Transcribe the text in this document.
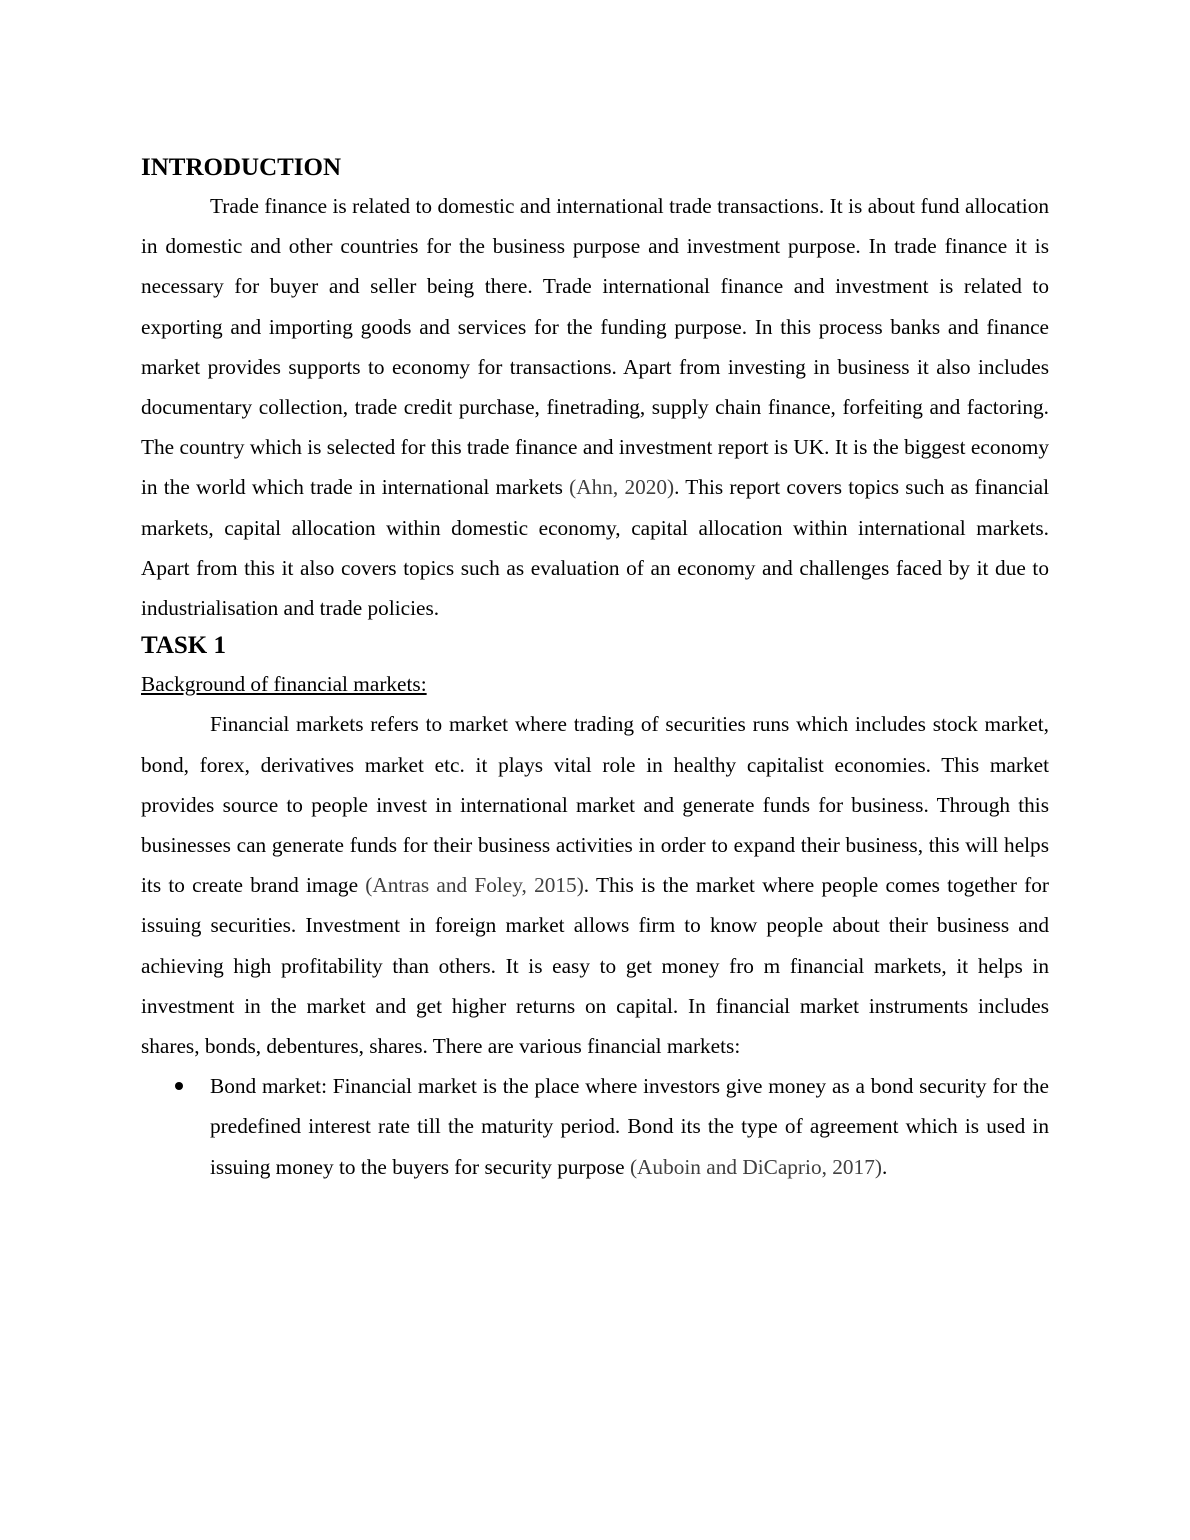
INTRODUCTION

Trade finance is related to domestic and international trade transactions. It is about fund allocation in domestic and other countries for the business purpose and investment purpose. In trade finance it is necessary for buyer and seller being there. Trade international finance and investment is related to exporting and importing goods and services for the funding purpose. In this process banks and finance market provides supports to economy for transactions. Apart from investing in business it also includes documentary collection, trade credit purchase, finetrading, supply chain finance, forfeiting and factoring. The country which is selected for this trade finance and investment report is UK. It is the biggest economy in the world which trade in international markets (Ahn, 2020). This report covers topics such as financial markets, capital allocation within domestic economy, capital allocation within international markets. Apart from this it also covers topics such as evaluation of an economy and challenges faced by it due to industrialisation and trade policies.

TASK 1

Background of financial markets:

Financial markets refers to market where trading of securities runs which includes stock market, bond, forex, derivatives market etc. it plays vital role in healthy capitalist economies. This market provides source to people invest in international market and generate funds for business. Through this businesses can generate funds for their business activities in order to expand their business, this will helps its to create brand image (Antras and Foley, 2015). This is the market where people comes together for issuing securities. Investment in foreign market allows firm to know people about their business and achieving high profitability than others. It is easy to get money fro m financial markets, it helps in investment in the market and get higher returns on capital. In financial market instruments includes shares, bonds, debentures, shares. There are various financial markets:

Bond market: Financial market is the place where investors give money as a bond security for the predefined interest rate till the maturity period. Bond its the type of agreement which is used in issuing money to the buyers for security purpose (Auboin and DiCaprio, 2017).
